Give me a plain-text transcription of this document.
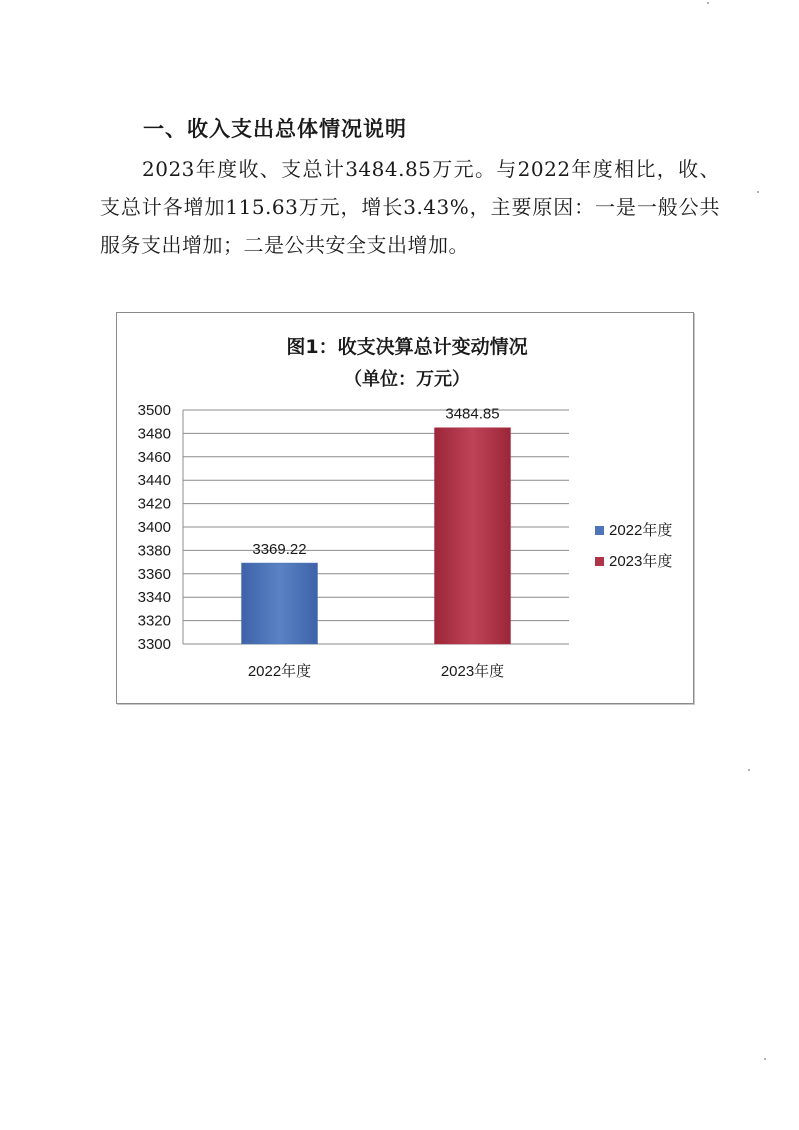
一、收入支出总体情况说明
2023年度收、支总计3484.85万元。与2022年度相比，收、支总计各增加115.63万元，增长3.43%，主要原因：一是一般公共服务支出增加；二是公共安全支出增加。
图1：收支决算总计变动情况
（单位：万元）
3300
3320
3340
3360
3380
3400
3420
3440
3460
3480
3500
3369.22
3484.85
2022年度	2023年度
2022年度
2023年度
